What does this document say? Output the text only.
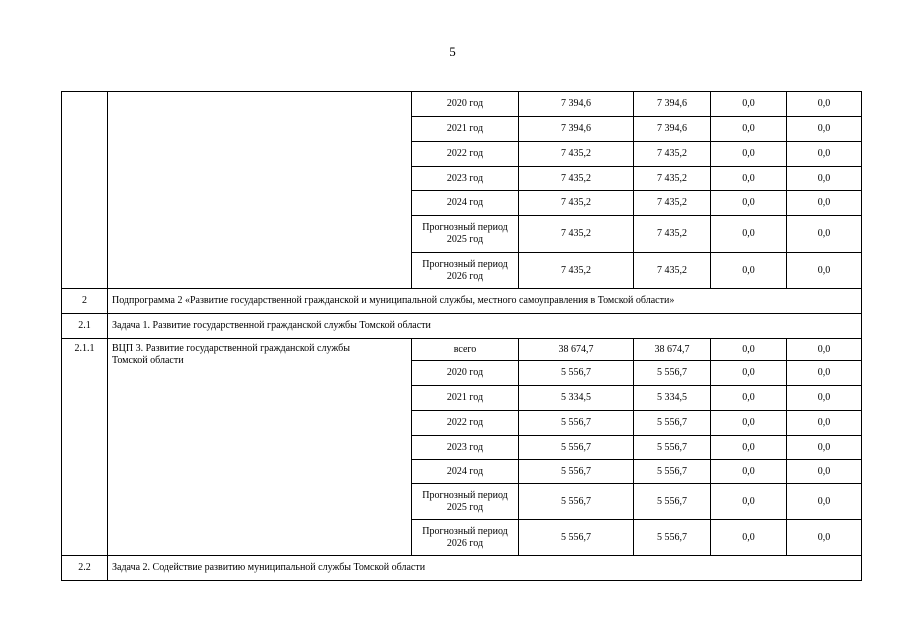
5
		2020 год	7 394,6	7 394,6	0,0	0,0
		2021 год	7 394,6	7 394,6	0,0	0,0
		2022 год	7 435,2	7 435,2	0,0	0,0
		2023 год	7 435,2	7 435,2	0,0	0,0
		2024 год	7 435,2	7 435,2	0,0	0,0
		Прогнозный период 2025 год	7 435,2	7 435,2	0,0	0,0
		Прогнозный период 2026 год	7 435,2	7 435,2	0,0	0,0
2	Подпрограмма 2 «Развитие государственной гражданской и муниципальной службы, местного самоуправления в Томской области»					
2.1	Задача 1. Развитие государственной гражданской службы Томской области					
2.1.1	ВЦП 3. Развитие государственной гражданской службы Томской области	всего	38 674,7	38 674,7	0,0	0,0
		2020 год	5 556,7	5 556,7	0,0	0,0
		2021 год	5 334,5	5 334,5	0,0	0,0
		2022 год	5 556,7	5 556,7	0,0	0,0
		2023 год	5 556,7	5 556,7	0,0	0,0
		2024 год	5 556,7	5 556,7	0,0	0,0
		Прогнозный период 2025 год	5 556,7	5 556,7	0,0	0,0
		Прогнозный период 2026 год	5 556,7	5 556,7	0,0	0,0
2.2	Задача 2. Содействие развитию муниципальной службы Томской области					
